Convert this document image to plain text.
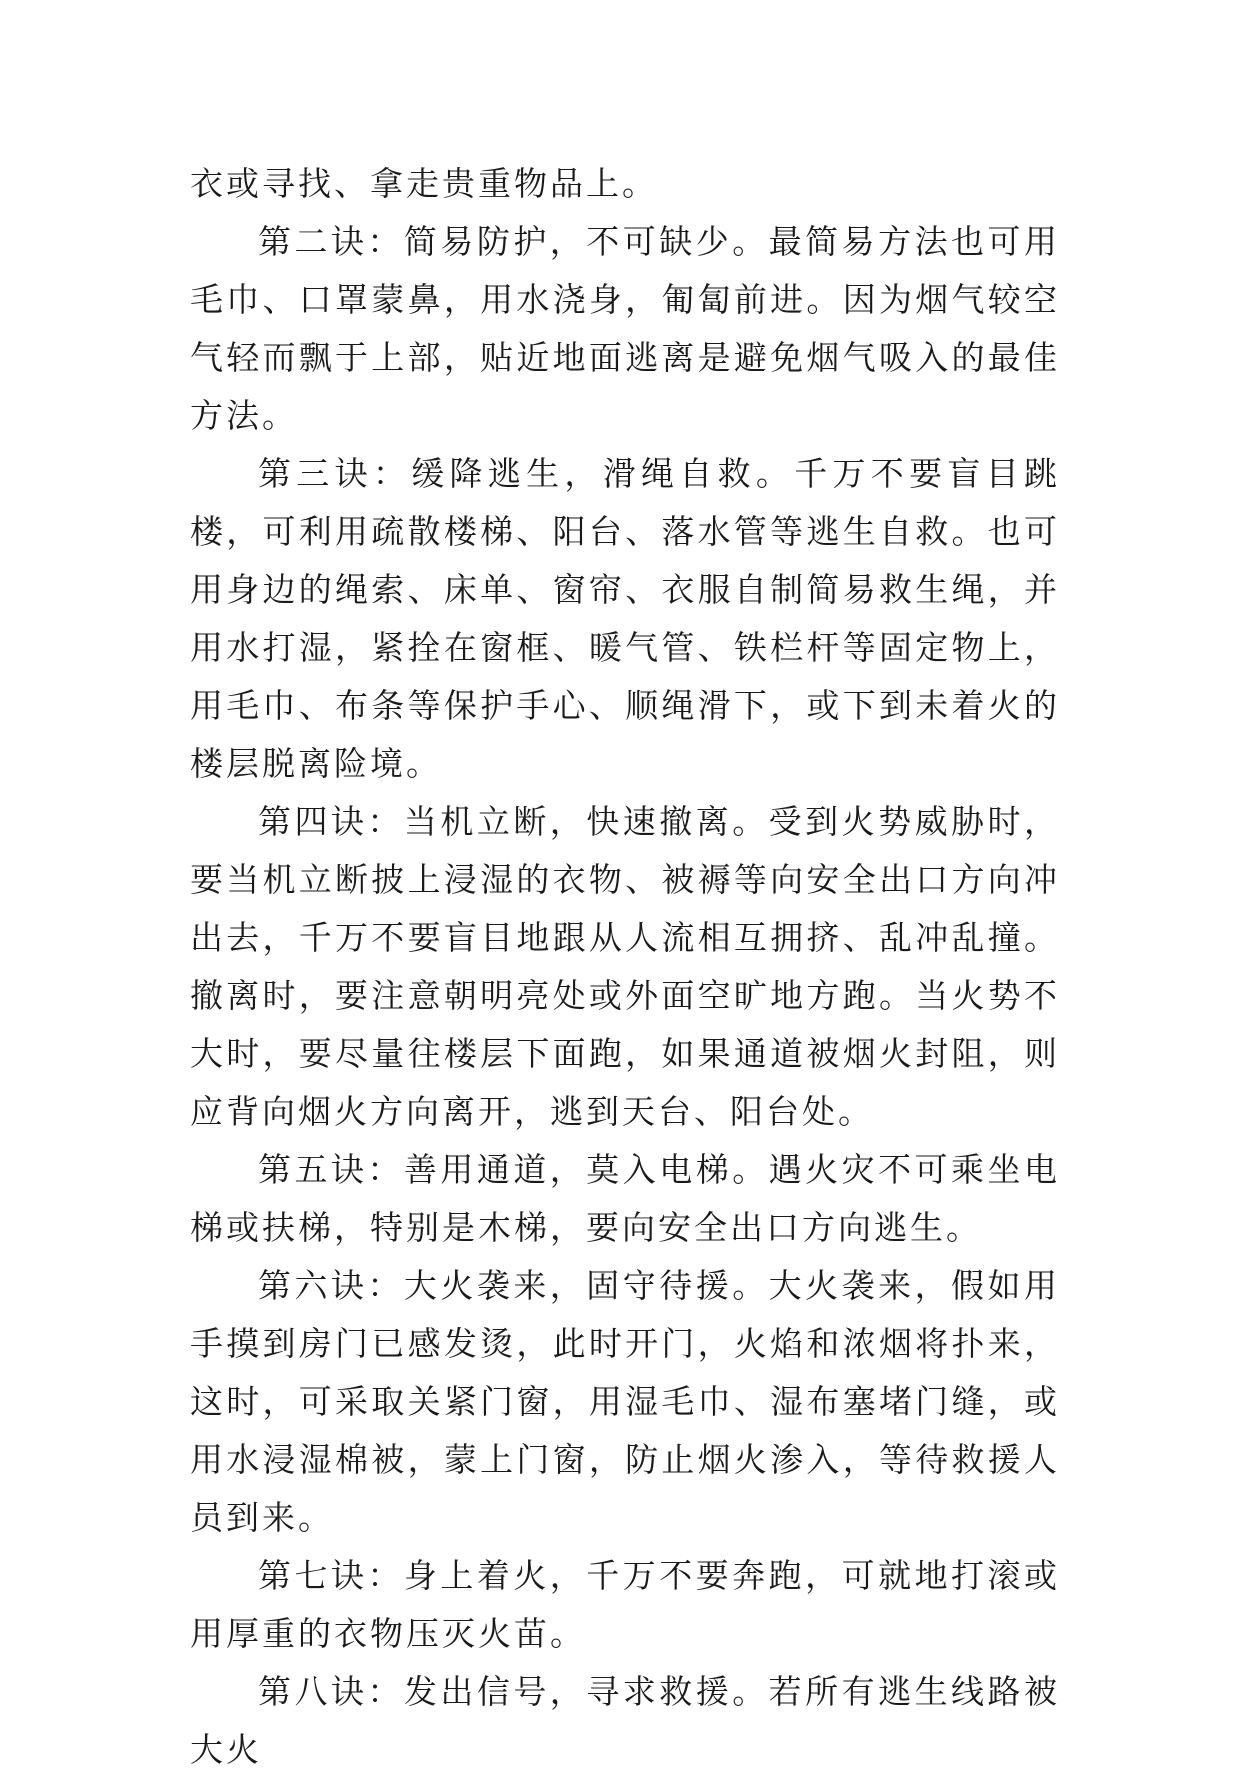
衣或寻找、拿走贵重物品上。

第二诀：简易防护，不可缺少。最简易方法也可用毛巾、口罩蒙鼻，用水浇身，匍匐前进。因为烟气较空气轻而飘于上部，贴近地面逃离是避免烟气吸入的最佳方法。

第三诀：缓降逃生，滑绳自救。千万不要盲目跳楼，可利用疏散楼梯、阳台、落水管等逃生自救。也可用身边的绳索、床单、窗帘、衣服自制简易救生绳，并用水打湿，紧拴在窗框、暖气管、铁栏杆等固定物上，用毛巾、布条等保护手心、顺绳滑下，或下到未着火的楼层脱离险境。

第四诀：当机立断，快速撤离。受到火势威胁时，要当机立断披上浸湿的衣物、被褥等向安全出口方向冲出去，千万不要盲目地跟从人流相互拥挤、乱冲乱撞。撤离时，要注意朝明亮处或外面空旷地方跑。当火势不大时，要尽量往楼层下面跑，如果通道被烟火封阻，则应背向烟火方向离开，逃到天台、阳台处。

第五诀：善用通道，莫入电梯。遇火灾不可乘坐电梯或扶梯，特别是木梯，要向安全出口方向逃生。

第六诀：大火袭来，固守待援。大火袭来，假如用手摸到房门已感发烫，此时开门，火焰和浓烟将扑来，这时，可采取关紧门窗，用湿毛巾、湿布塞堵门缝，或用水浸湿棉被，蒙上门窗，防止烟火渗入，等待救援人员到来。

第七诀：身上着火，千万不要奔跑，可就地打滚或用厚重的衣物压灭火苗。

第八诀：发出信号，寻求救援。若所有逃生线路被大火
